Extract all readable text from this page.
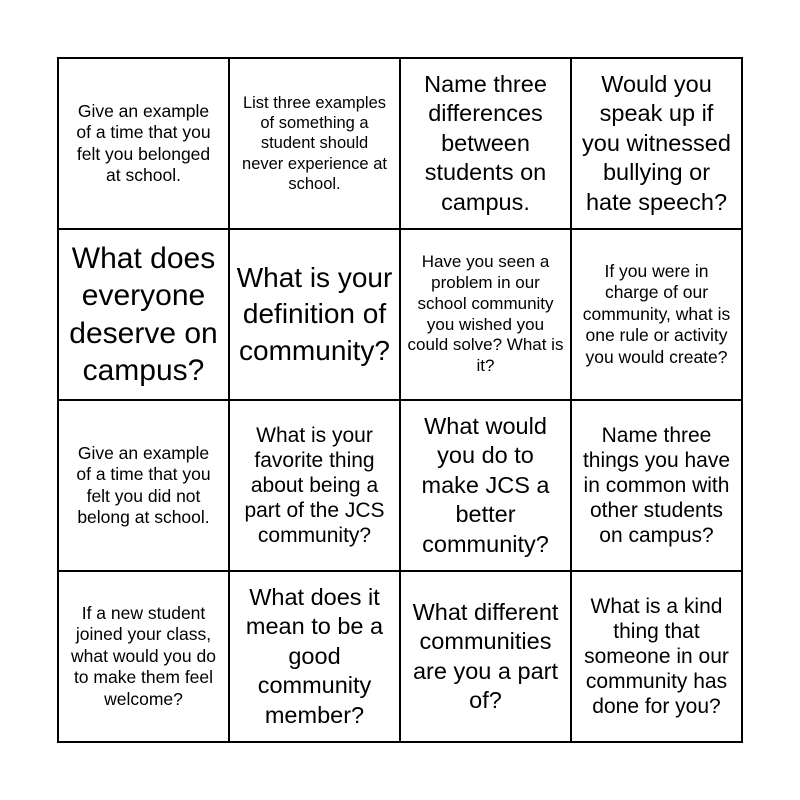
Give an example of a time that you felt you belonged at school.
List three examples of something a student should never experience at school.
Name three differences between students on campus.
Would you speak up if you witnessed bullying or hate speech?
What does everyone deserve on campus?
What is your definition of community?
Have you seen a problem in our school community you wished you could solve? What is it?
If you were in charge of our community, what is one rule or activity you would create?
Give an example of a time that you felt you did not belong at school.
What is your favorite thing about being a part of the JCS community?
What would you do to make JCS a better community?
Name three things you have in common with other students on campus?
If a new student joined your class, what would you do to make them feel welcome?
What does it mean to be a good community member?
What different communities are you a part of?
What is a kind thing that someone in our community has done for you?
